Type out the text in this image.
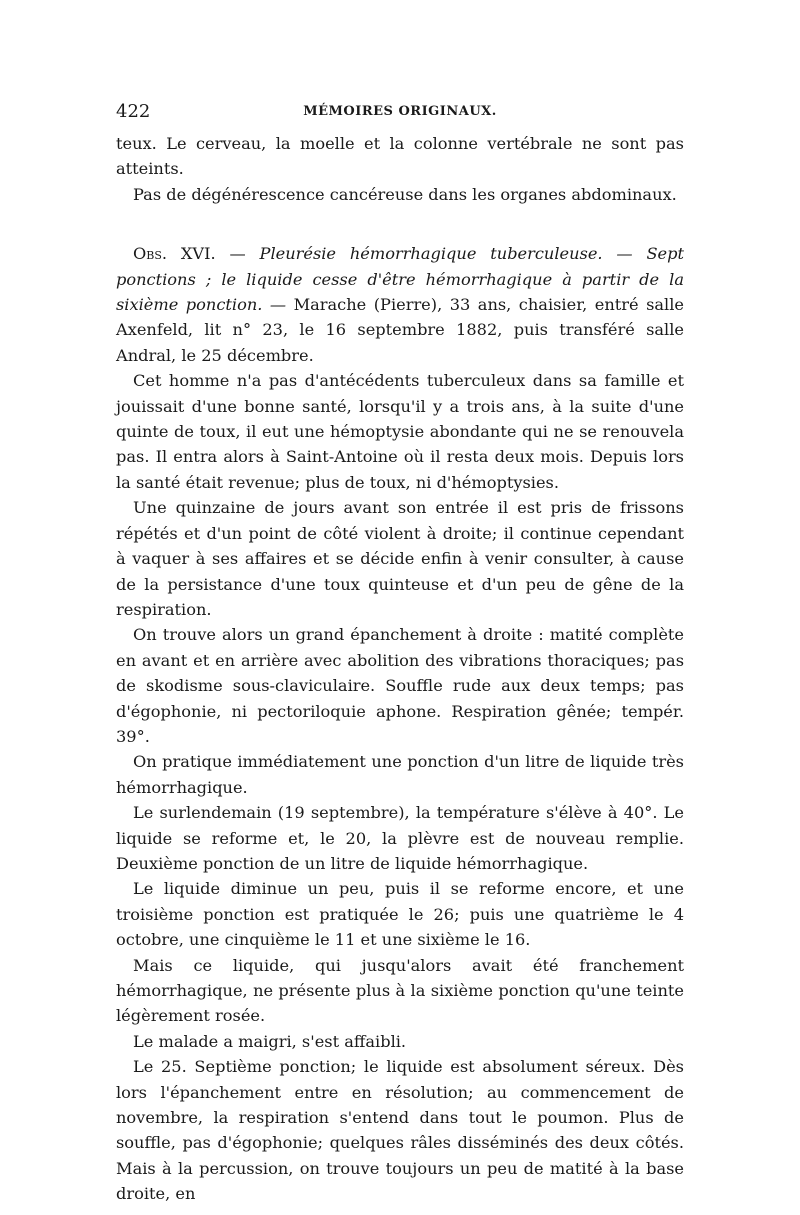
422	MÉMOIRES ORIGINAUX.

teux. Le cerveau, la moelle et la colonne vertébrale ne sont pas atteints.

Pas de dégénérescence cancéreuse dans les organes abdominaux.

Obs. XVI. — Pleurésie hémorrhagique tuberculeuse. — Sept ponctions ; le liquide cesse d'être hémorrhagique à partir de la sixième ponction. — Marache (Pierre), 33 ans, chaisier, entré salle Axenfeld, lit n° 23, le 16 septembre 1882, puis transféré salle Andral, le 25 décembre.

Cet homme n'a pas d'antécédents tuberculeux dans sa famille et jouissait d'une bonne santé, lorsqu'il y a trois ans, à la suite d'une quinte de toux, il eut une hémoptysie abondante qui ne se renouvela pas. Il entra alors à Saint-Antoine où il resta deux mois. Depuis lors la santé était revenue; plus de toux, ni d'hémoptysies.

Une quinzaine de jours avant son entrée il est pris de frissons répétés et d'un point de côté violent à droite; il continue cependant à vaquer à ses affaires et se décide enfin à venir consulter, à cause de la persistance d'une toux quinteuse et d'un peu de gêne de la respiration.

On trouve alors un grand épanchement à droite : matité complète en avant et en arrière avec abolition des vibrations thoraciques; pas de skodisme sous-claviculaire. Souffle rude aux deux temps; pas d'égophonie, ni pectoriloquie aphone. Respiration gênée; tempér. 39°.

On pratique immédiatement une ponction d'un litre de liquide très hémorrhagique.

Le surlendemain (19 septembre), la température s'élève à 40°. Le liquide se reforme et, le 20, la plèvre est de nouveau remplie. Deuxième ponction de un litre de liquide hémorrhagique.

Le liquide diminue un peu, puis il se reforme encore, et une troisième ponction est pratiquée le 26; puis une quatrième le 4 octobre, une cinquième le 11 et une sixième le 16.

Mais ce liquide, qui jusqu'alors avait été franchement hémorrhagique, ne présente plus à la sixième ponction qu'une teinte légèrement rosée.

Le malade a maigri, s'est affaibli.

Le 25. Septième ponction; le liquide est absolument séreux. Dès lors l'épanchement entre en résolution; au commencement de novembre, la respiration s'entend dans tout le poumon. Plus de souffle, pas d'égophonie; quelques râles disséminés des deux côtés. Mais à la percussion, on trouve toujours un peu de matité à la base droite, en
